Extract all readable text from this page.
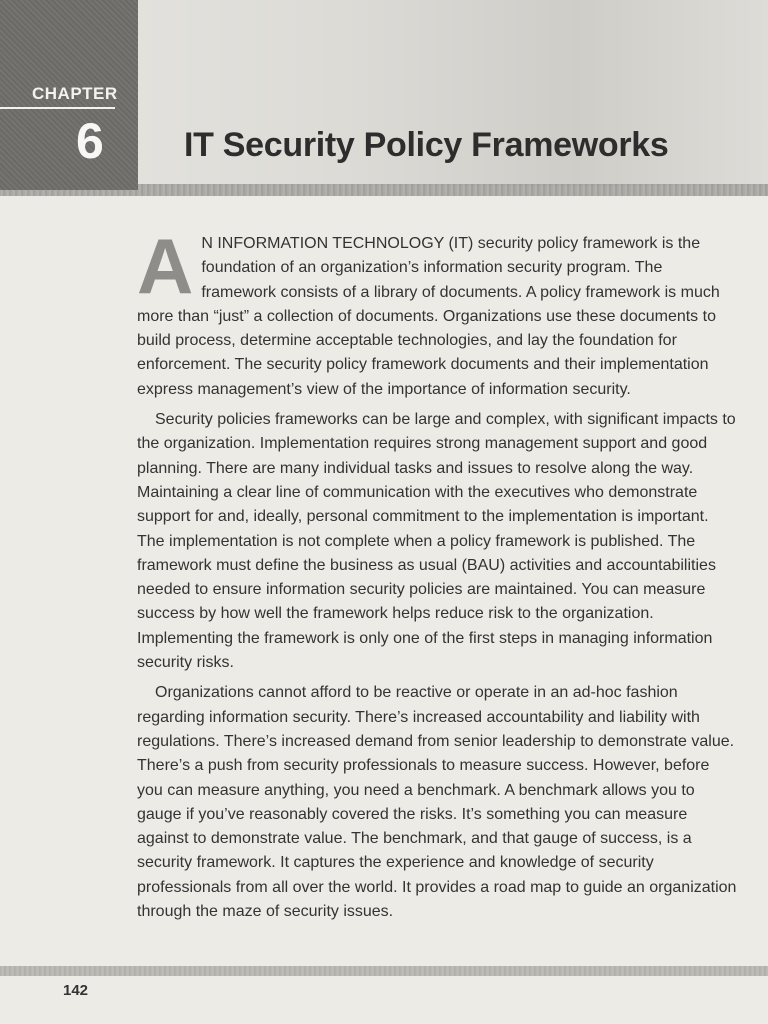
CHAPTER
6 IT Security Policy Frameworks

A N INFORMATION TECHNOLOGY (IT) security policy framework is the foundation of an organization’s information security program. The framework consists of a library of documents. A policy framework is much more than “just” a collection of documents. Organizations use these documents to build process, determine acceptable technologies, and lay the foundation for enforcement. The security policy framework documents and their implementation express management’s view of the importance of information security.

Security policies frameworks can be large and complex, with significant impacts to the organization. Implementation requires strong management support and good planning. There are many individual tasks and issues to resolve along the way. Maintaining a clear line of communication with the executives who demonstrate support for and, ideally, personal commitment to the implementation is important. The implementation is not complete when a policy framework is published. The framework must define the business as usual (BAU) activities and accountabilities needed to ensure information security policies are maintained. You can measure success by how well the framework helps reduce risk to the organization. Implementing the framework is only one of the first steps in managing information security risks.

Organizations cannot afford to be reactive or operate in an ad-hoc fashion regarding information security. There’s increased accountability and liability with regulations. There’s increased demand from senior leadership to demonstrate value. There’s a push from security professionals to measure success. However, before you can measure anything, you need a benchmark. A benchmark allows you to gauge if you’ve reasonably covered the risks. It’s something you can measure against to demonstrate value. The benchmark, and that gauge of success, is a security framework. It captures the experience and knowledge of security professionals from all over the world. It provides a road map to guide an organization through the maze of security issues.

142
